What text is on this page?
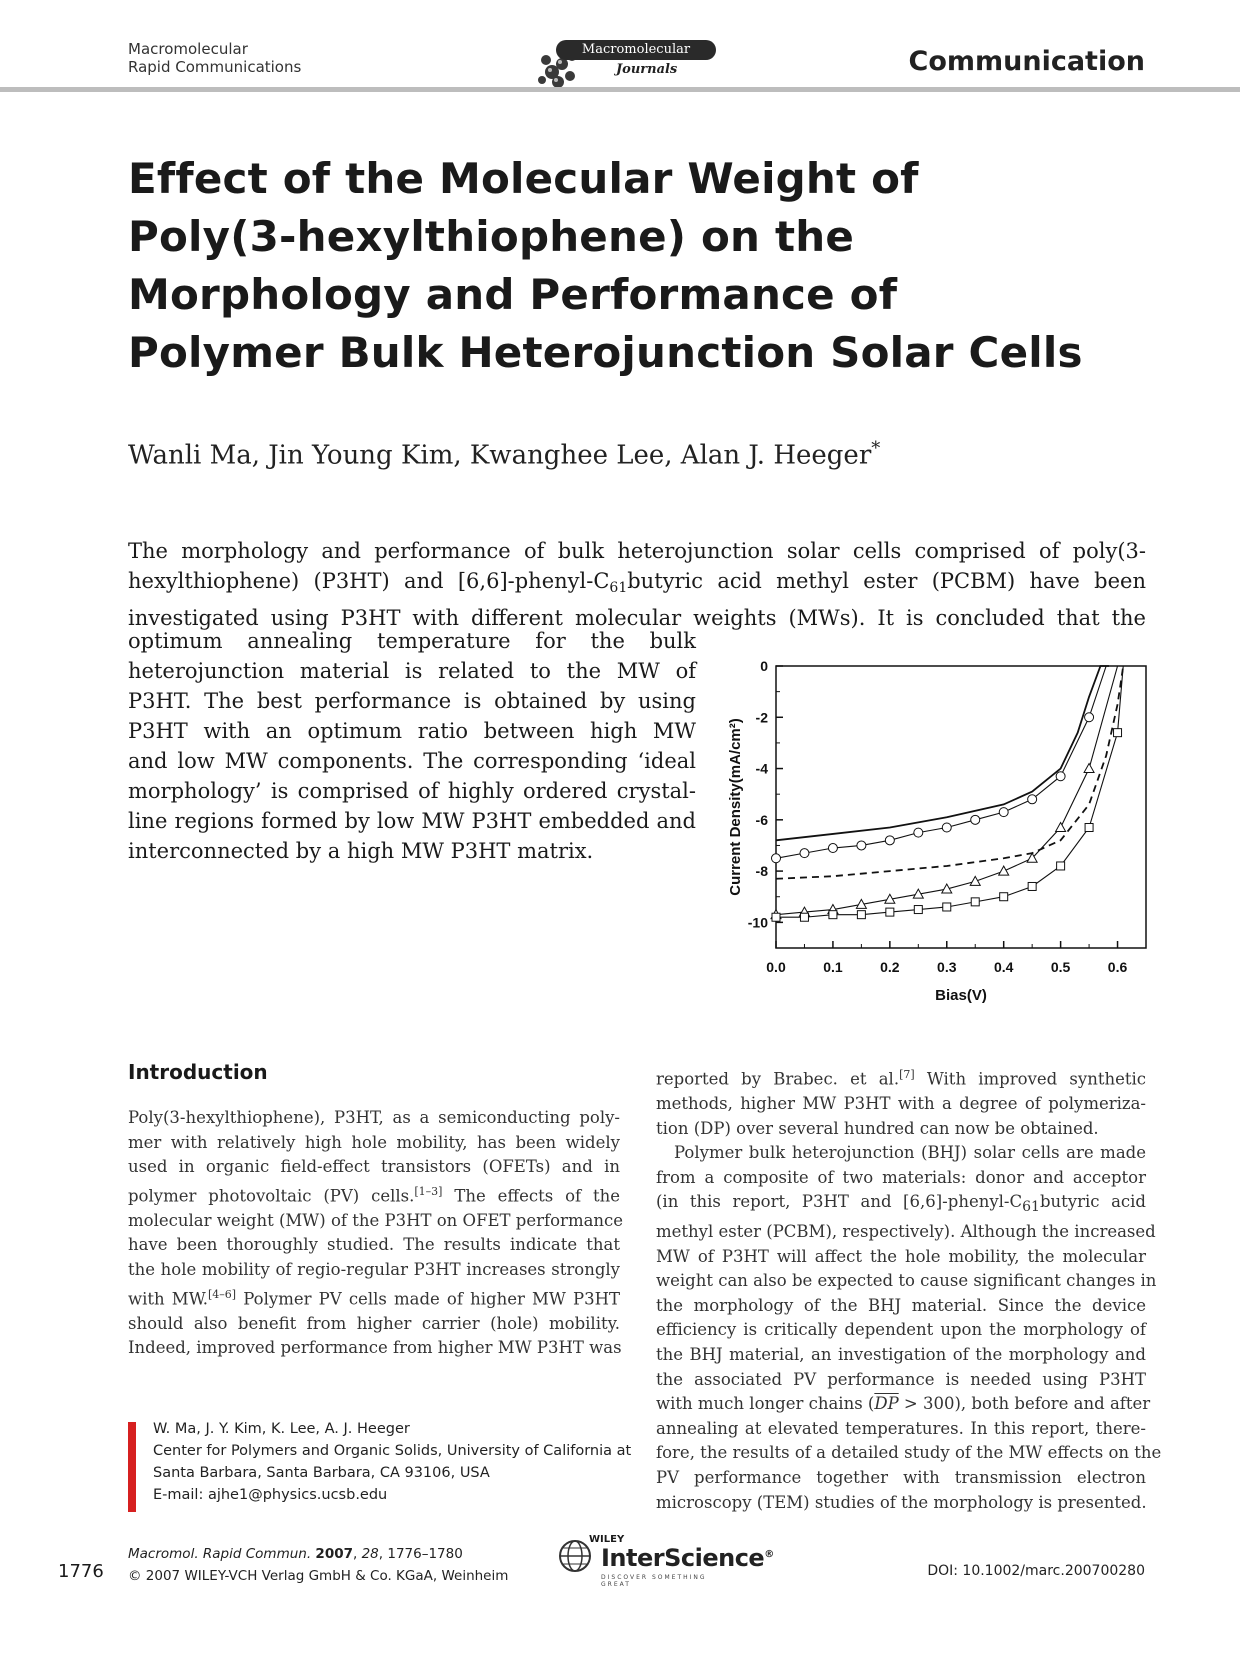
Macromolecular
Rapid Communications
Macromolecular
Journals	Communication
Effect of the Molecular Weight of
Poly(3-hexylthiophene) on the
Morphology and Performance of
Polymer Bulk Heterojunction Solar Cells
Wanli Ma, Jin Young Kim, Kwanghee Lee, Alan J. Heeger*
The morphology and performance of bulk heterojunction solar cells comprised of poly(3-
hexylthiophene) (P3HT) and $[6,6]-phenyl-C_{61}butyric$ acid methyl ester (PCBM) have been
investigated using P3HT with different molecular weights (MWs). It is concluded that the
optimum annealing temperature for the bulk
heterojunction material is related to the MW of
P3HT. The best performance is obtained by using
P3HT with an optimum ratio between high MW
and low MW components. The corresponding ‘ideal
morphology’ is comprised of highly ordered crystal-
line regions formed by low MW P3HT embedded and
interconnected by a high MW P3HT matrix.
0
-2
-4
-6
-8
-10
0.0	0.1	0.2	0.3	0.4	0.5	0.6
Bias(V)
Current Density(mA/cm²)
Introduction
Poly(3-hexylthiophene), P3HT, as a semiconducting poly-
mer with relatively high hole mobility, has been widely
used in organic field-effect transistors (OFETs) and in
polymer photovoltaic (PV) cells.[1–3] The effects of the
molecular weight (MW) of the P3HT on OFET performance
have been thoroughly studied. The results indicate that
the hole mobility of regio-regular P3HT increases strongly
with MW.[4–6] Polymer PV cells made of higher MW P3HT
should also benefit from higher carrier (hole) mobility.
Indeed, improved performance from higher MW P3HT was
reported by Brabec. et al.[7] With improved synthetic
methods, higher MW P3HT with a degree of polymeriza-
tion (DP) over several hundred can now be obtained.
Polymer bulk heterojunction (BHJ) solar cells are made
from a composite of two materials: donor and acceptor
(in this report, P3HT and $[6,6]-phenyl-C_{61}butyric$ acid
methyl ester (PCBM), respectively). Although the increased
MW of P3HT will affect the hole mobility, the molecular
weight can also be expected to cause significant changes in
the morphology of the BHJ material. Since the device
efficiency is critically dependent upon the morphology of
the BHJ material, an investigation of the morphology and
the associated PV performance is needed using P3HT
with much longer chains $(\overline{DP} > 300)$, both before and after
annealing at elevated temperatures. In this report, there-
fore, the results of a detailed study of the MW effects on the
PV performance together with transmission electron
microscopy (TEM) studies of the morphology is presented.
W. Ma, J. Y. Kim, K. Lee, A. J. Heeger
Center for Polymers and Organic Solids, University of California at
Santa Barbara, Santa Barbara, CA 93106, USA
E-mail: ajhe1@physics.ucsb.edu
1776
Macromol. Rapid Commun. 2007, 28, 1776–1780
© 2007 WILEY-VCH Verlag GmbH & Co. KGaA, Weinheim
WILEY
InterScience®
DISCOVER SOMETHING GREAT
DOI: 10.1002/marc.200700280
